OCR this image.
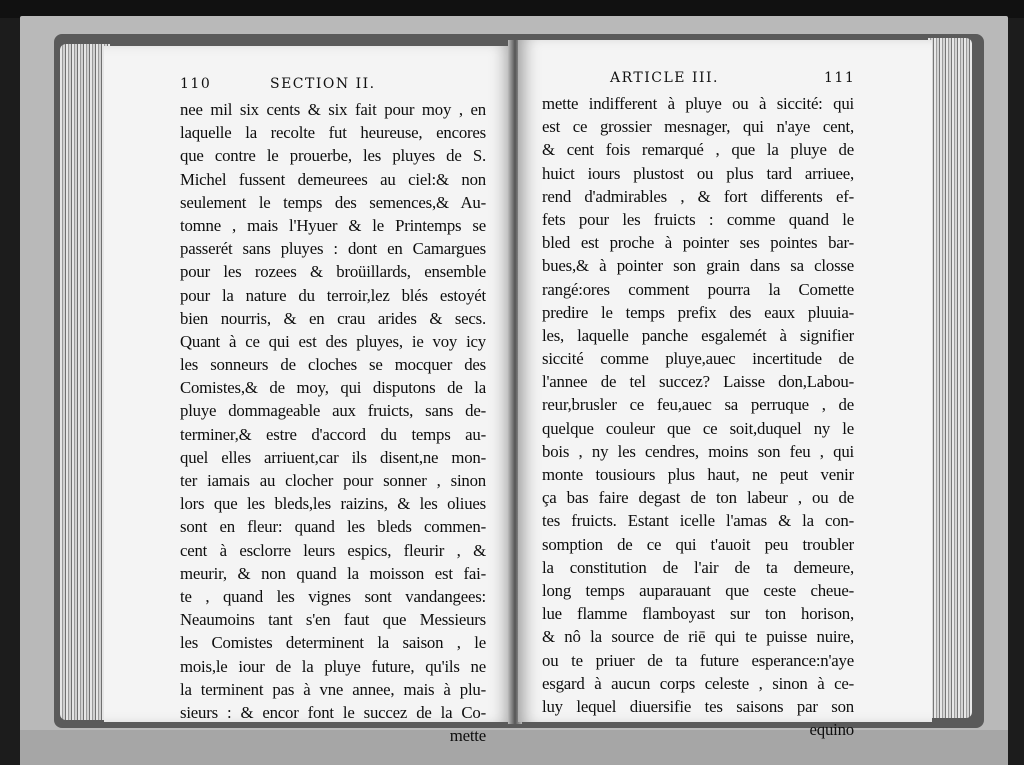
110	SECTION II.
nee mil six cents & six fait pour moy , en
laquelle la recolte fut heureuse, encores
que contre le prouerbe, les pluyes de S.
Michel fussent demeurees au ciel:& non
seulement le temps des semences,& Au-
tomne , mais l'Hyuer & le Printemps se
passerét sans pluyes : dont en Camargues
pour les rozees & broüillards, ensemble
pour la nature du terroir,lez blés estoyét
bien nourris, & en crau arides & secs.
Quant à ce qui est des pluyes, ie voy icy
les sonneurs de cloches se mocquer des
Comistes,& de moy, qui disputons de la
pluye dommageable aux fruicts, sans de-
terminer,& estre d'accord du temps au-
quel elles arriuent,car ils disent,ne mon-
ter iamais au clocher pour sonner , sinon
lors que les bleds,les raizins, & les oliues
sont en fleur: quand les bleds commen-
cent à esclorre leurs espics, fleurir , &
meurir, & non quand la moisson est fai-
te , quand les vignes sont vandangees:
Neaumoins tant s'en faut que Messieurs
les Comistes determinent la saison , le
mois,le iour de la pluye future, qu'ils ne
la terminent pas à vne annee, mais à plu-
sieurs : & encor font le succez de la Co-
mette
ARTICLE III.	111
mette indifferent à pluye ou à siccité: qui
est ce grossier mesnager, qui n'aye cent,
& cent fois remarqué , que la pluye de
huict iours plustost ou plus tard arriuee,
rend d'admirables , & fort differents ef-
fets pour les fruicts : comme quand le
bled est proche à pointer ses pointes bar-
bues,& à pointer son grain dans sa closse
rangé:ores comment pourra la Comette
predire le temps prefix des eaux pluuia-
les, laquelle panche esgalemét à signifier
siccité comme pluye,auec incertitude de
l'annee de tel succez? Laisse don,Labou-
reur,brusler ce feu,auec sa perruque , de
quelque couleur que ce soit,duquel ny le
bois , ny les cendres, moins son feu , qui
monte tousiours plus haut, ne peut venir
ça bas faire degast de ton labeur , ou de
tes fruicts. Estant icelle l'amas & la con-
somption de ce qui t'auoit peu troubler
la constitution de l'air de ta demeure,
long temps auparauant que ceste cheue-
lue flamme flamboyast sur ton horison,
& nô la source de riē qui te puisse nuire,
ou te priuer de ta future esperance:n'aye
esgard à aucun corps celeste , sinon à ce-
luy lequel diuersifie tes saisons par son
equino
